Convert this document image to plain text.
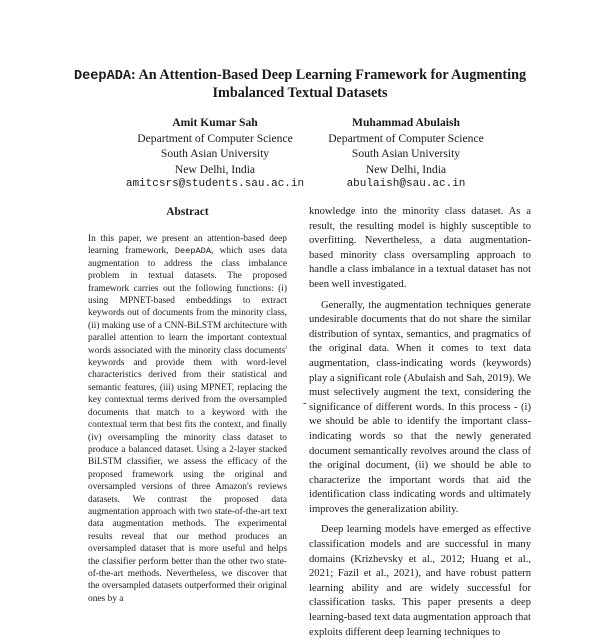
DeepADA: An Attention-Based Deep Learning Framework for Augmenting
Imbalanced Textual Datasets
Amit Kumar Sah
Department of Computer Science
South Asian University
New Delhi, India
amitcsrs@students.sau.ac.in
Muhammad Abulaish
Department of Computer Science
South Asian University
New Delhi, India
abulaish@sau.ac.in
Abstract

In this paper, we present an attention-based deep learning framework, DeepADA, which uses data augmentation to address the class imbalance problem in textual datasets. The proposed framework carries out the following functions: (i) using MPNET-based embeddings to extract keywords out of documents from the minority class, (ii) making use of a CNN-BiLSTM architecture with parallel attention to learn the important contextual words associated with the minority class documents' keywords and provide them with word-level characteristics derived from their statistical and semantic features, (iii) using MPNET, replacing the key contextual terms derived from the oversampled documents that match to a keyword with the contextual term that best fits the context, and finally (iv) oversampling the minority class dataset to produce a balanced dataset. Using a 2-layer stacked BiLSTM classifier, we assess the efficacy of the proposed framework using the original and oversampled versions of three Amazon's reviews datasets. We contrast the proposed data augmentation approach with two state-of-the-art text data augmentation methods. The experimental results reveal that our method produces an oversampled dataset that is more useful and helps the classifier perform better than the other two state-of-the-art methods. Nevertheless, we discover that the oversampled datasets outperformed their original ones by a

knowledge into the minority class dataset. As a result, the resulting model is highly susceptible to overfitting. Nevertheless, a data augmentation-based minority class oversampling approach to handle a class imbalance in a textual dataset has not been well investigated.

Generally, the augmentation techniques generate undesirable documents that do not share the similar distribution of syntax, semantics, and pragmatics of the original data. When it comes to text data augmentation, class-indicating words (keywords) play a significant role (Abulaish and Sah, 2019). We must selectively augment the text, considering the significance of different words. In this process - (i) we should be able to identify the important class-indicating words so that the newly generated document semantically revolves around the class of the original document, (ii) we should be able to characterize the important words that aid the identification class indicating words and ultimately improves the generalization ability.

Deep learning models have emerged as effective classification models and are successful in many domains (Krizhevsky et al., 2012; Huang et al., 2021; Fazil et al., 2021), and have robust pattern learning ability and are widely successful for classification tasks. This paper presents a deep learning-based text data augmentation approach that exploits different deep learning techniques to

-
